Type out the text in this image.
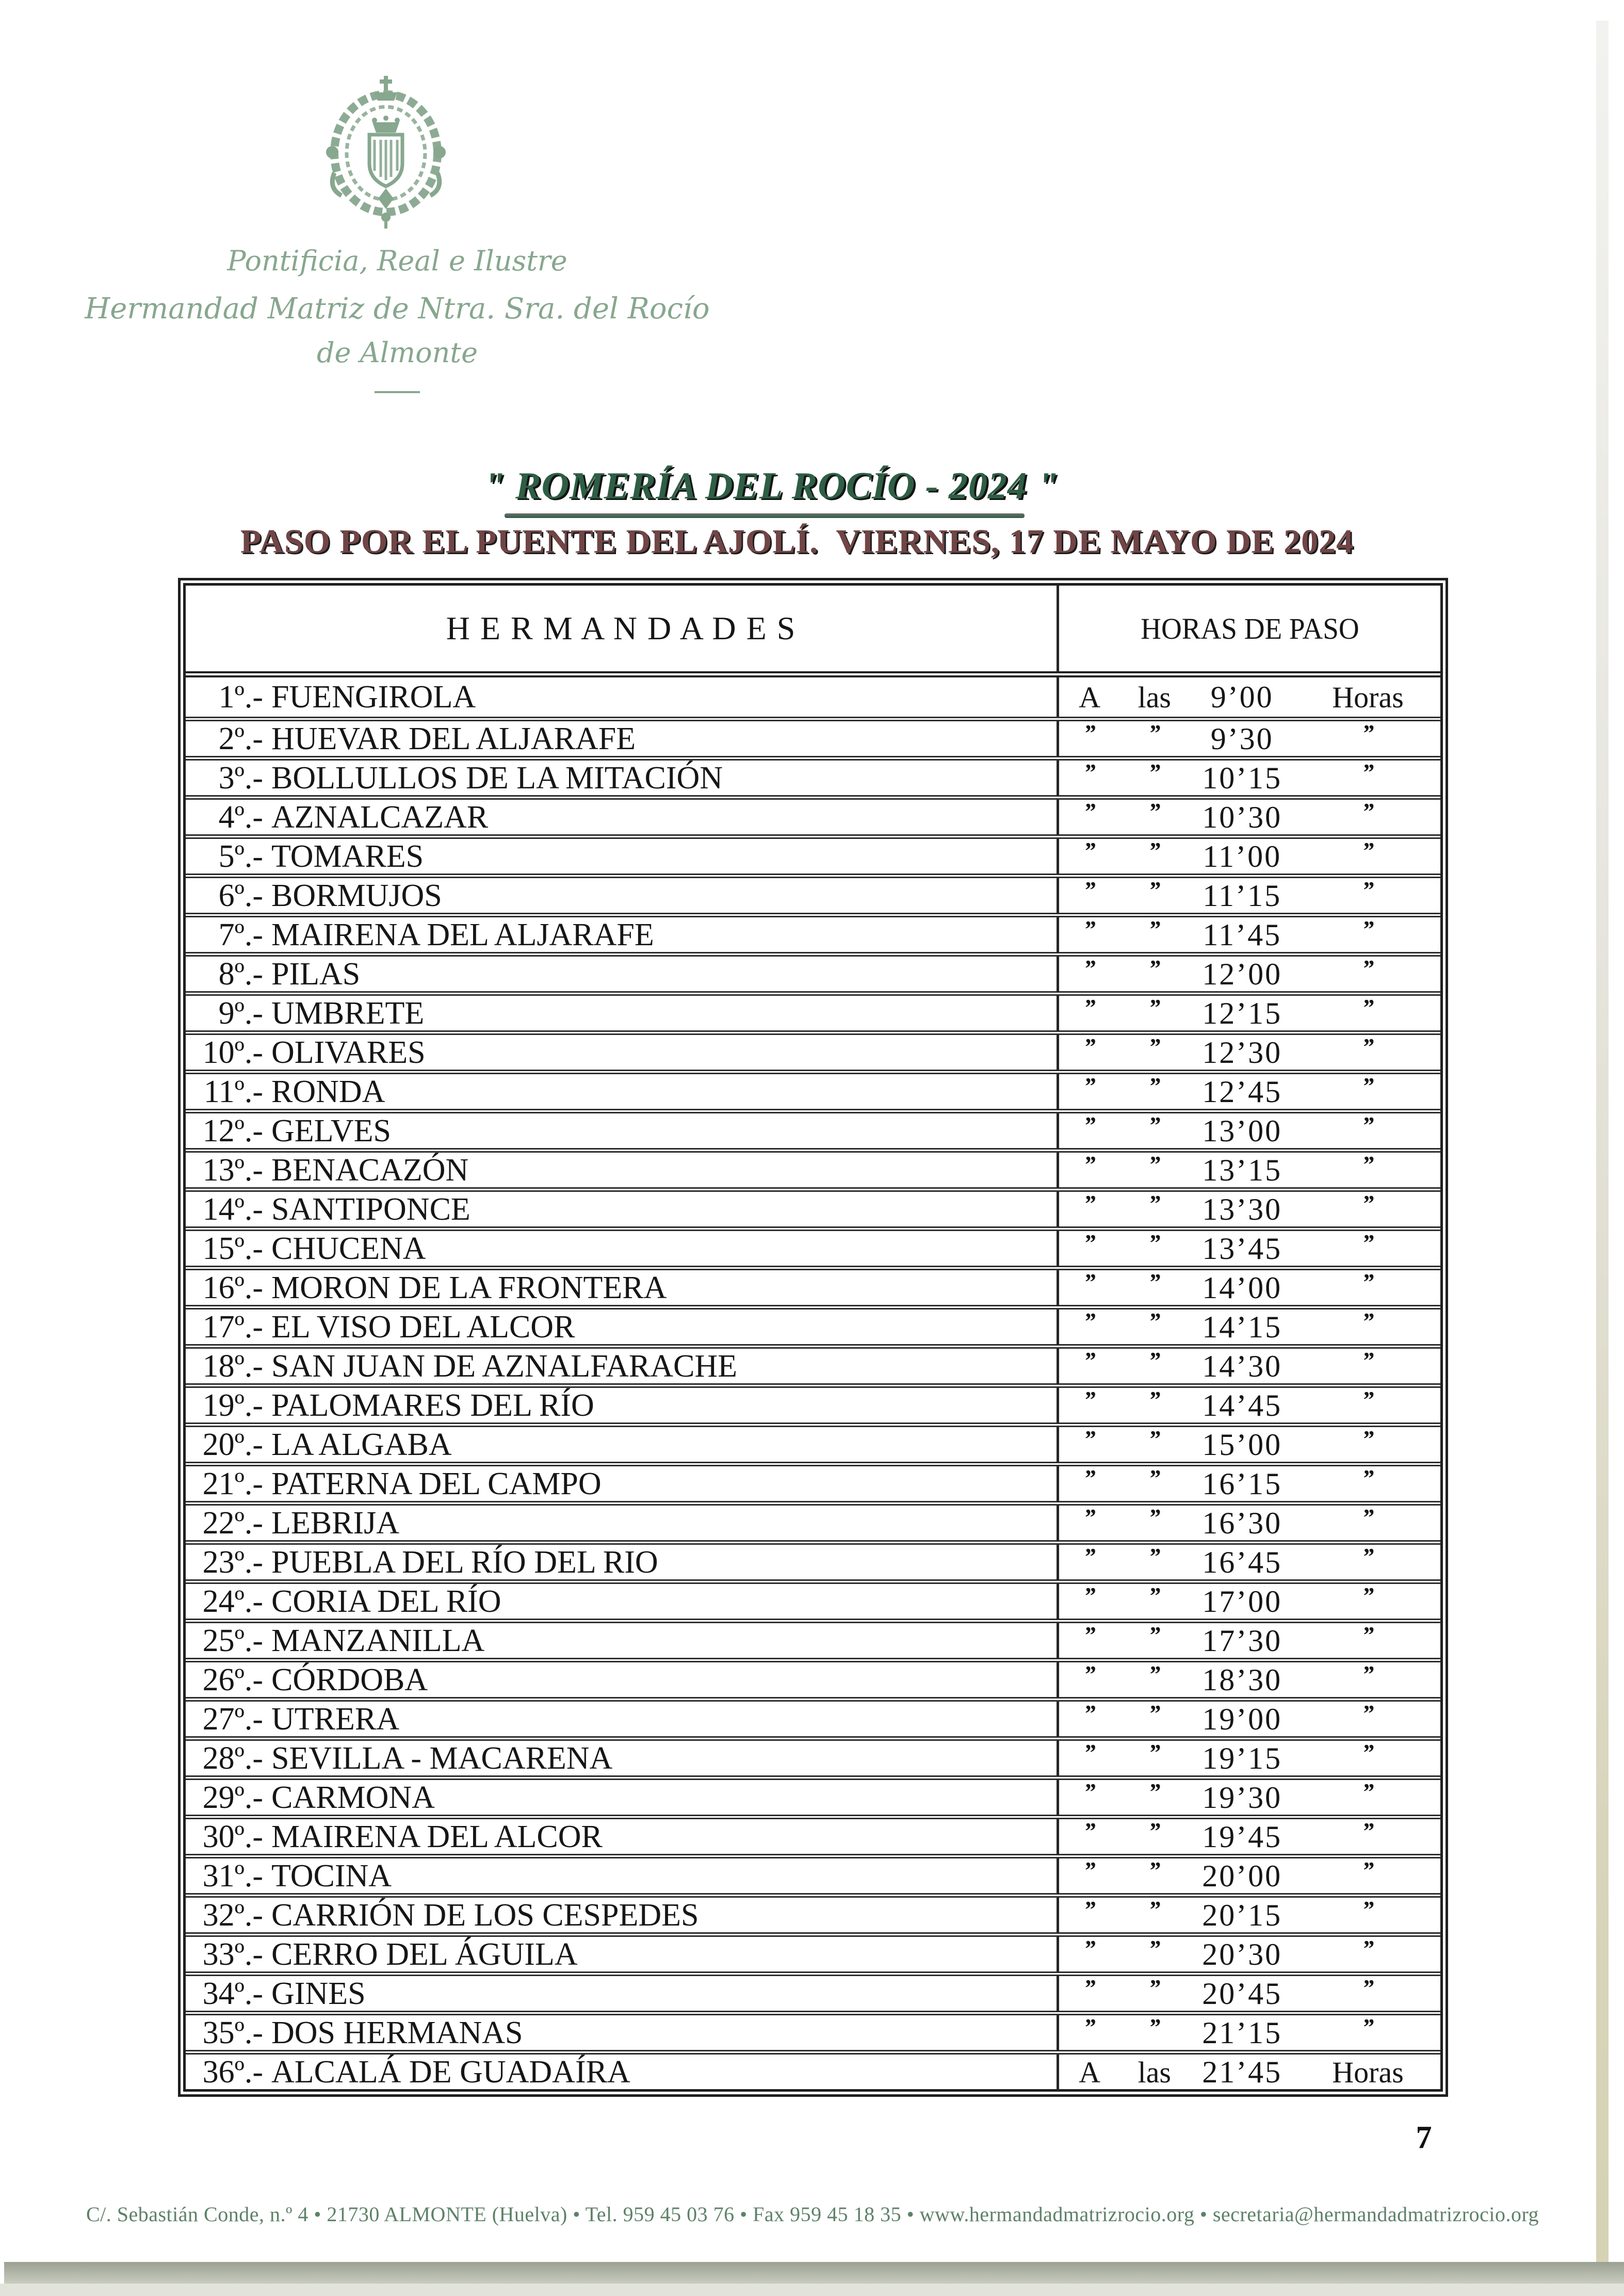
Pontificia, Real e Ilustre
Hermandad Matriz de Ntra. Sra. del Rocío
de Almonte
" ROMERÍA DEL ROCÍO - 2024 "
PASO POR EL PUENTE DEL AJOLÍ.  VIERNES, 17 DE MAYO DE 2024
H E R M A N D A D E S	HORAS DE PASO
1º.- FUENGIROLA	A	las	9’00	Horas
2º.- HUEVAR DEL ALJARAFE	”	”	9’30	”
3º.- BOLLULLOS DE LA MITACIÓN	”	”	10’15	”
4º.- AZNALCAZAR	”	”	10’30	”
5º.- TOMARES	”	”	11’00	”
6º.- BORMUJOS	”	”	11’15	”
7º.- MAIRENA DEL ALJARAFE	”	”	11’45	”
8º.- PILAS	”	”	12’00	”
9º.- UMBRETE	”	”	12’15	”
10º.- OLIVARES	”	”	12’30	”
11º.- RONDA	”	”	12’45	”
12º.- GELVES	”	”	13’00	”
13º.- BENACAZÓN	”	”	13’15	”
14º.- SANTIPONCE	”	”	13’30	”
15º.- CHUCENA	”	”	13’45	”
16º.- MORON DE LA FRONTERA	”	”	14’00	”
17º.- EL VISO DEL ALCOR	”	”	14’15	”
18º.- SAN JUAN DE AZNALFARACHE	”	”	14’30	”
19º.- PALOMARES DEL RÍO	”	”	14’45	”
20º.- LA ALGABA	”	”	15’00	”
21º.- PATERNA DEL CAMPO	”	”	16’15	”
22º.- LEBRIJA	”	”	16’30	”
23º.- PUEBLA DEL RÍO DEL RIO	”	”	16’45	”
24º.- CORIA DEL RÍO	”	”	17’00	”
25º.- MANZANILLA	”	”	17’30	”
26º.- CÓRDOBA	”	”	18’30	”
27º.- UTRERA	”	”	19’00	”
28º.- SEVILLA - MACARENA	”	”	19’15	”
29º.- CARMONA	”	”	19’30	”
30º.- MAIRENA DEL ALCOR	”	”	19’45	”
31º.- TOCINA	”	”	20’00	”
32º.- CARRIÓN DE LOS CESPEDES	”	”	20’15	”
33º.- CERRO DEL ÁGUILA	”	”	20’30	”
34º.- GINES	”	”	20’45	”
35º.- DOS HERMANAS	”	”	21’15	”
36º.- ALCALÁ DE GUADAÍRA	A	las	21’45	Horas
7
C/. Sebastián Conde, n.º 4 • 21730 ALMONTE (Huelva) • Tel. 959 45 03 76 • Fax 959 45 18 35 • www.hermandadmatrizrocio.org • secretaria@hermandadmatrizrocio.org
